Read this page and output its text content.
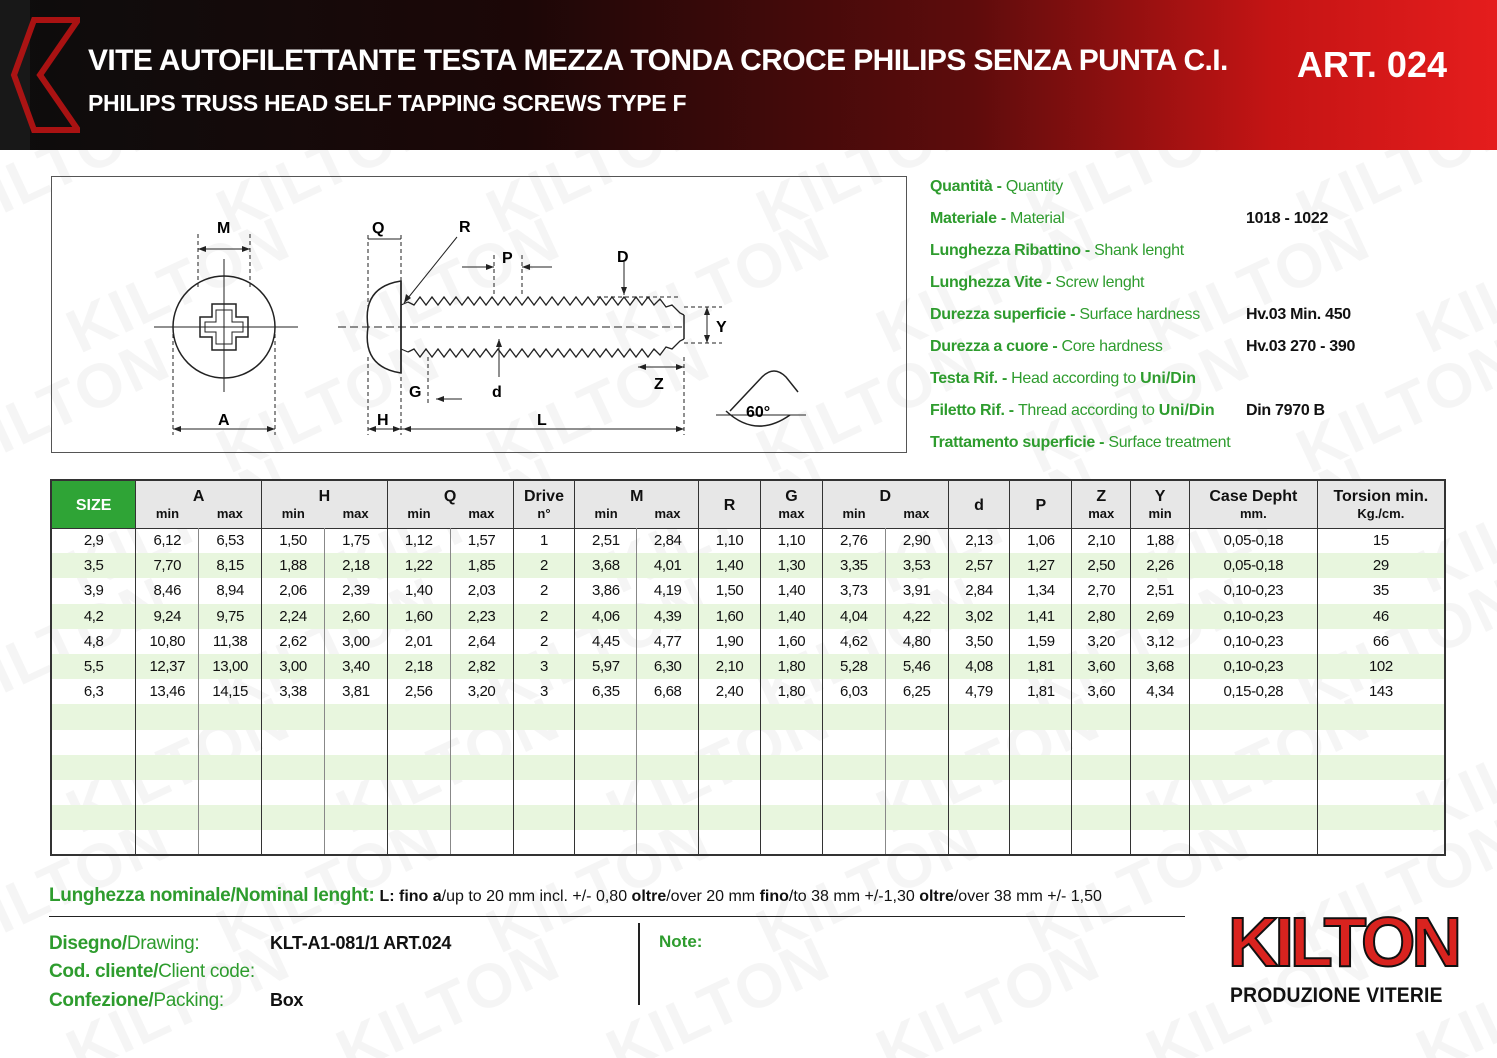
VITE AUTOFILETTANTE TESTA MEZZA TONDA CROCE PHILIPS SENZA PUNTA C.I.
PHILIPS TRUSS HEAD SELF TAPPING SCREWS TYPE F
ART. 024
M
A
Q	R
P	D
Y
d
G	Z
H	L	60°
Quantità - Quantity
Materiale - Material	1018 - 1022
Lunghezza Ribattino - Shank lenght
Lunghezza Vite - Screw lenght
Durezza superficie - Surface hardness	Hv.03 Min. 450
Durezza a cuore - Core hardness	Hv.03 270 - 390
Testa Rif. - Head according to Uni/Din
Filetto Rif. - Thread according to Uni/Din Din 7970 B
Trattamento superficie - Surface treatment
SIZE	A		H		Q		Drive	M		R	G	D		d	P	Z	Y	Case Depht	Torsion min.
	min	max	min	max	min	max	n°	min	max		max	min	max			max	min	mm.	Kg./cm.
2,9	6,12	6,53	1,50	1,75	1,12	1,57	1	2,51	2,84	1,10	1,10	2,76	2,90	2,13	1,06	2,10	1,88	0,05-0,18	15
3,5	7,70	8,15	1,88	2,18	1,22	1,85	2	3,68	4,01	1,40	1,30	3,35	3,53	2,57	1,27	2,50	2,26	0,05-0,18	29
3,9	8,46	8,94	2,06	2,39	1,40	2,03	2	3,86	4,19	1,50	1,40	3,73	3,91	2,84	1,34	2,70	2,51	0,10-0,23	35
4,2	9,24	9,75	2,24	2,60	1,60	2,23	2	4,06	4,39	1,60	1,40	4,04	4,22	3,02	1,41	2,80	2,69	0,10-0,23	46
4,8	10,80	11,38	2,62	3,00	2,01	2,64	2	4,45	4,77	1,90	1,60	4,62	4,80	3,50	1,59	3,20	3,12	0,10-0,23	66
5,5	12,37	13,00	3,00	3,40	2,18	2,82	3	5,97	6,30	2,10	1,80	5,28	5,46	4,08	1,81	3,60	3,68	0,10-0,23	102
6,3	13,46	14,15	3,38	3,81	2,56	3,20	3	6,35	6,68	2,40	1,80	6,03	6,25	4,79	1,81	3,60	4,34	0,15-0,28	143

Lunghezza nominale/Nominal lenght: L: fino a/up to 20 mm incl. +/- 0,80 oltre/over 20 mm fino/to 38 mm +/-1,30 oltre/over 38 mm +/- 1,50
Disegno/Drawing:	KLT-A1-081/1 ART.024
Cod. cliente/Client code:
Confezione/Packing:	Box
Note:	KILTON
PRODUZIONE VITERIE
